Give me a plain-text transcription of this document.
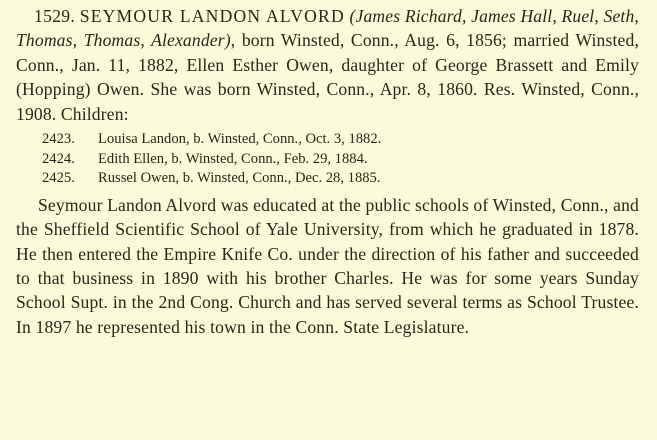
1529. SEYMOUR LANDON ALVORD (James Richard, James Hall, Ruel, Seth, Thomas, Thomas, Alexander), born Winsted, Conn., Aug. 6, 1856; married Winsted, Conn., Jan. 11, 1882, Ellen Esther Owen, daughter of George Brassett and Emily (Hopping) Owen. She was born Winsted, Conn., Apr. 8, 1860. Res. Winsted, Conn., 1908. Children:

2423. Louisa Landon, b. Winsted, Conn., Oct. 3, 1882.
2424. Edith Ellen, b. Winsted, Conn., Feb. 29, 1884.
2425. Russel Owen, b. Winsted, Conn., Dec. 28, 1885.

Seymour Landon Alvord was educated at the public schools of Winsted, Conn., and the Sheffield Scientific School of Yale University, from which he graduated in 1878. He then entered the Empire Knife Co. under the direction of his father and succeeded to that business in 1890 with his brother Charles. He was for some years Sunday School Supt. in the 2nd Cong. Church and has served several terms as School Trustee. In 1897 he represented his town in the Conn. State Legislature.
